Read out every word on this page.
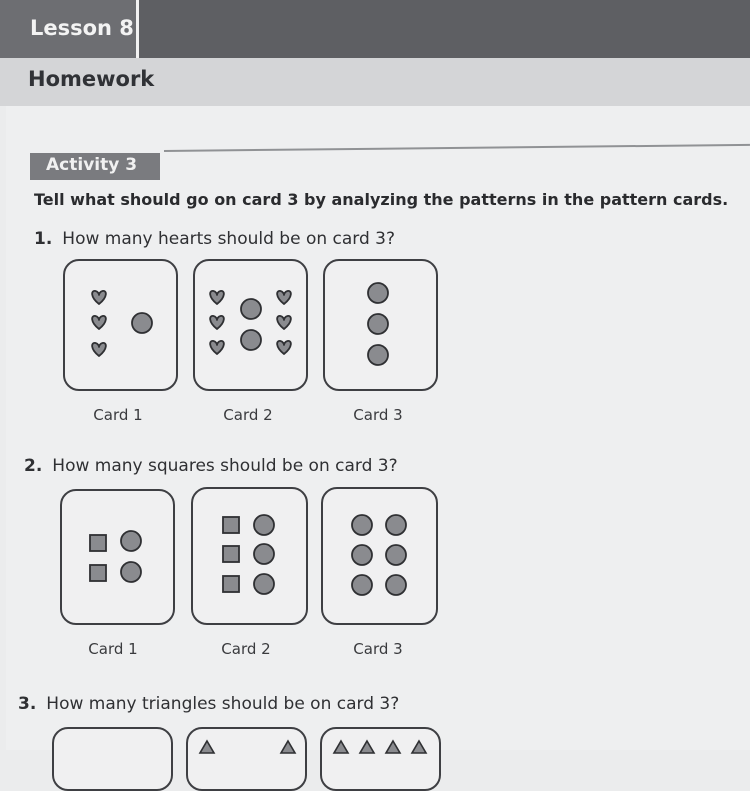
Lesson 8
Homework
Activity 3
Tell what should go on card 3 by analyzing the patterns in the pattern cards.
1. How many hearts should be on card 3?
Card 1	Card 2	Card 3
2. How many squares should be on card 3?
Card 1	Card 2	Card 3
3. How many triangles should be on card 3?
